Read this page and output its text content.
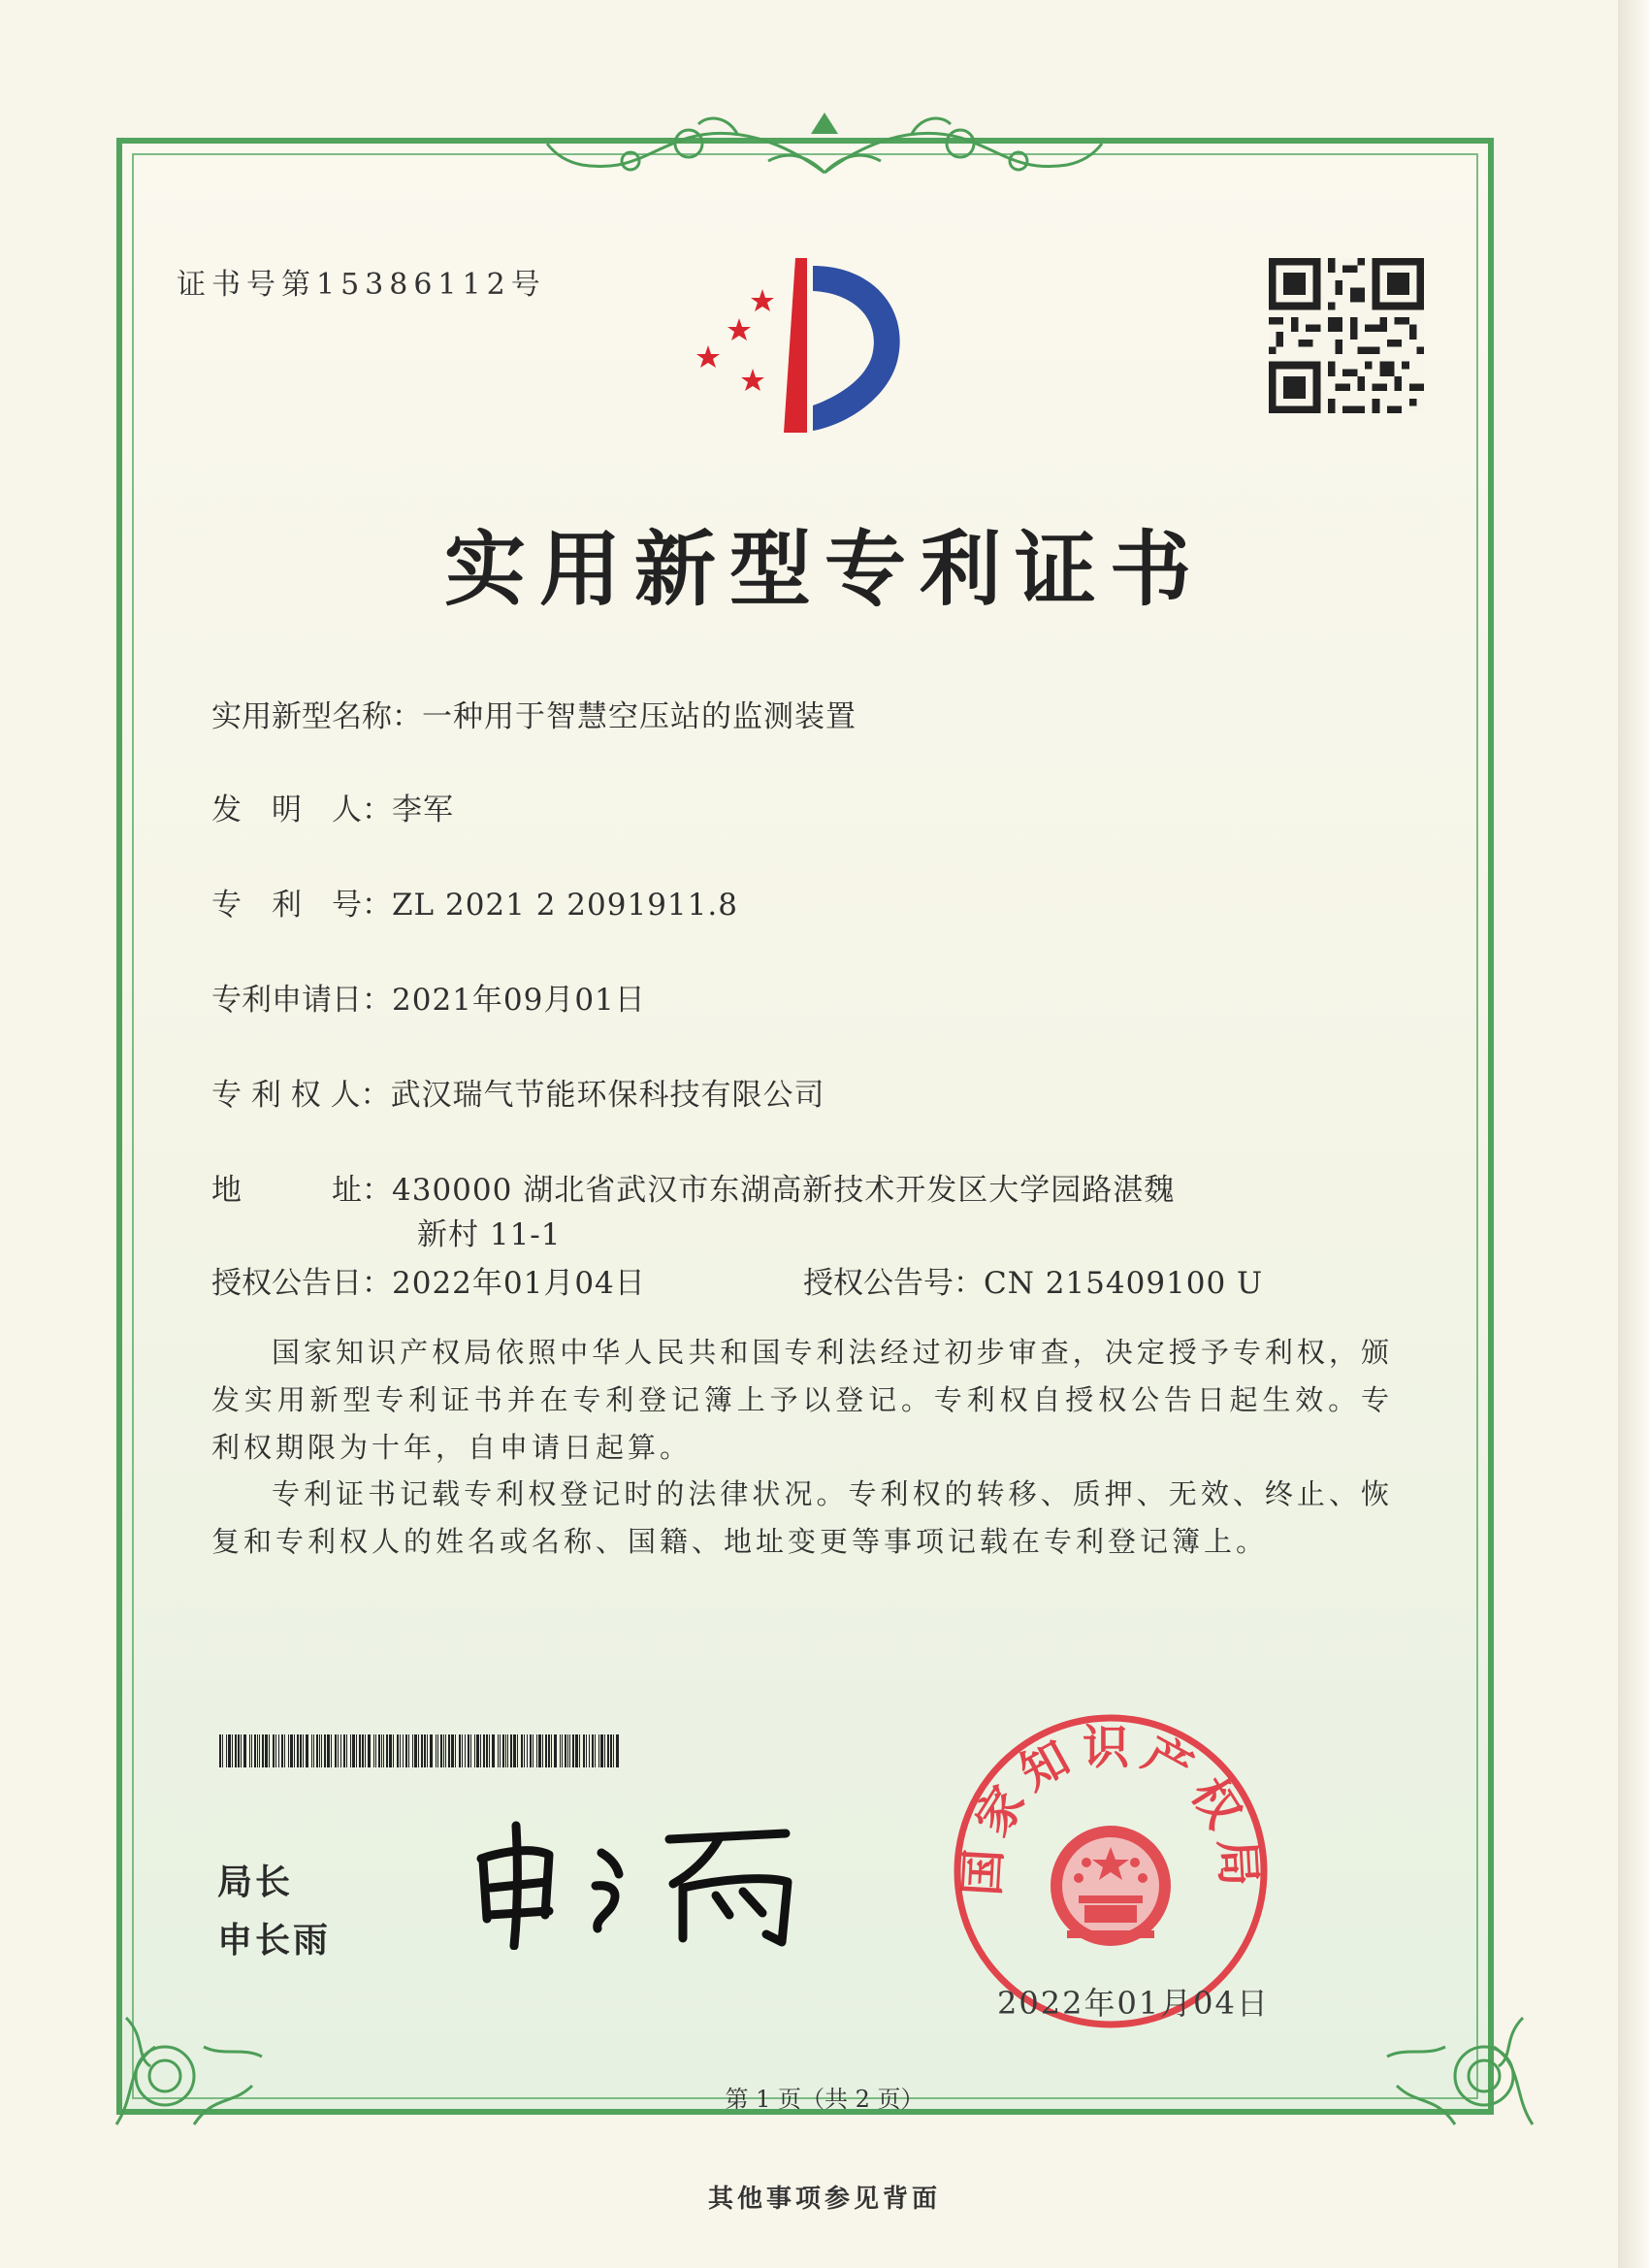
证书号第15386112号
实用新型专利证书
实用新型名称：一种用于智慧空压站的监测装置
发　明　人：李军
专　利　号：ZL 2021 2 2091911.8
专利申请日：2021年09月01日
专 利 权 人：武汉瑞气节能环保科技有限公司
地　　　址：430000 湖北省武汉市东湖高新技术开发区大学园路湛魏
新村 11-1
授权公告日：2022年01月04日	授权公告号：CN 215409100 U
国家知识产权局依照中华人民共和国专利法经过初步审查，决定授予专利权，颁发实用新型专利证书并在专利登记簿上予以登记。专利权自授权公告日起生效。专利权期限为十年，自申请日起算。
专利证书记载专利权登记时的法律状况。专利权的转移、质押、无效、终止、恢复和专利权人的姓名或名称、国籍、地址变更等事项记载在专利登记簿上。
局长
申长雨
国家知识产权局
2022年01月04日
第 1 页（共 2 页）
其他事项参见背面
